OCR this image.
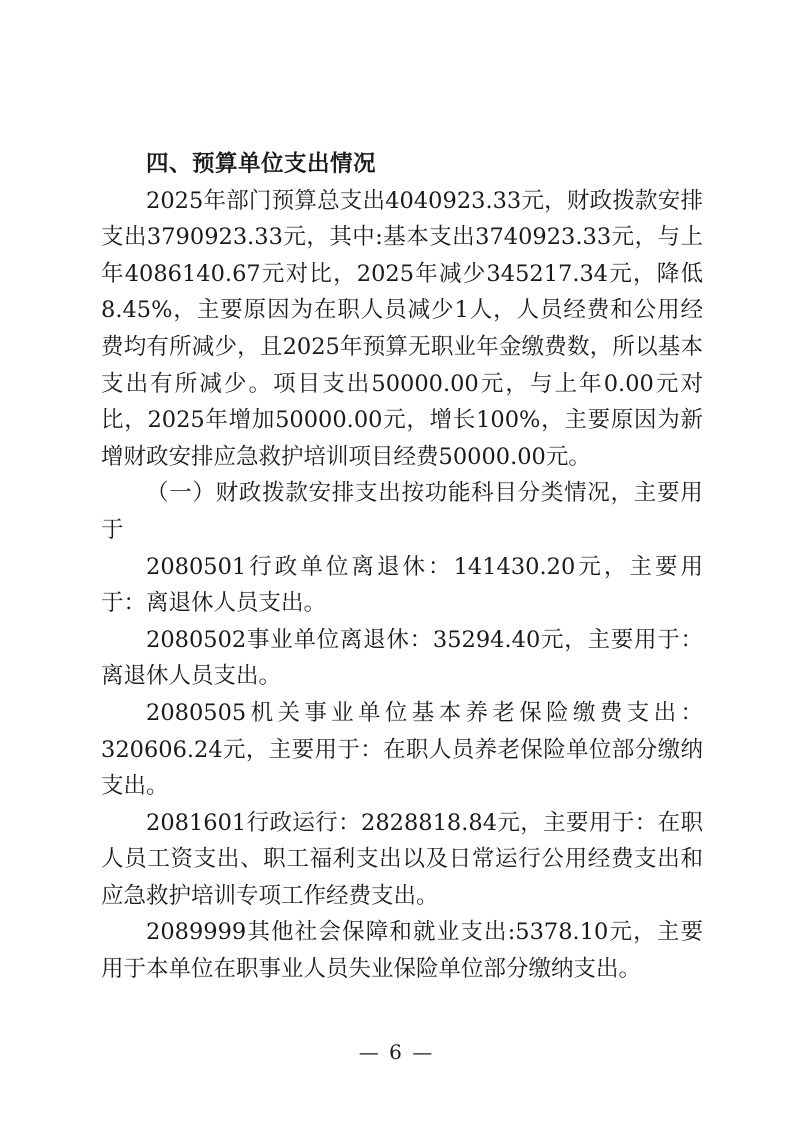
四、预算单位支出情况

2025年部门预算总支出4040923.33元，财政拨款安排支出3790923.33元，其中:基本支出3740923.33元，与上年4086140.67元对比，2025年减少345217.34元，降低8.45%，主要原因为在职人员减少1人，人员经费和公用经费均有所减少，且2025年预算无职业年金缴费数，所以基本支出有所减少。项目支出50000.00元，与上年0.00元对比，2025年增加50000.00元，增长100%，主要原因为新增财政安排应急救护培训项目经费50000.00元。

（一）财政拨款安排支出按功能科目分类情况，主要用于

2080501行政单位离退休：141430.20元，主要用于：离退休人员支出。

2080502事业单位离退休：35294.40元，主要用于：离退休人员支出。

2080505机关事业单位基本养老保险缴费支出：320606.24元，主要用于：在职人员养老保险单位部分缴纳支出。

2081601行政运行：2828818.84元，主要用于：在职人员工资支出、职工福利支出以及日常运行公用经费支出和应急救护培训专项工作经费支出。

2089999其他社会保障和就业支出:5378.10元，主要用于本单位在职事业人员失业保险单位部分缴纳支出。

— 6 —
